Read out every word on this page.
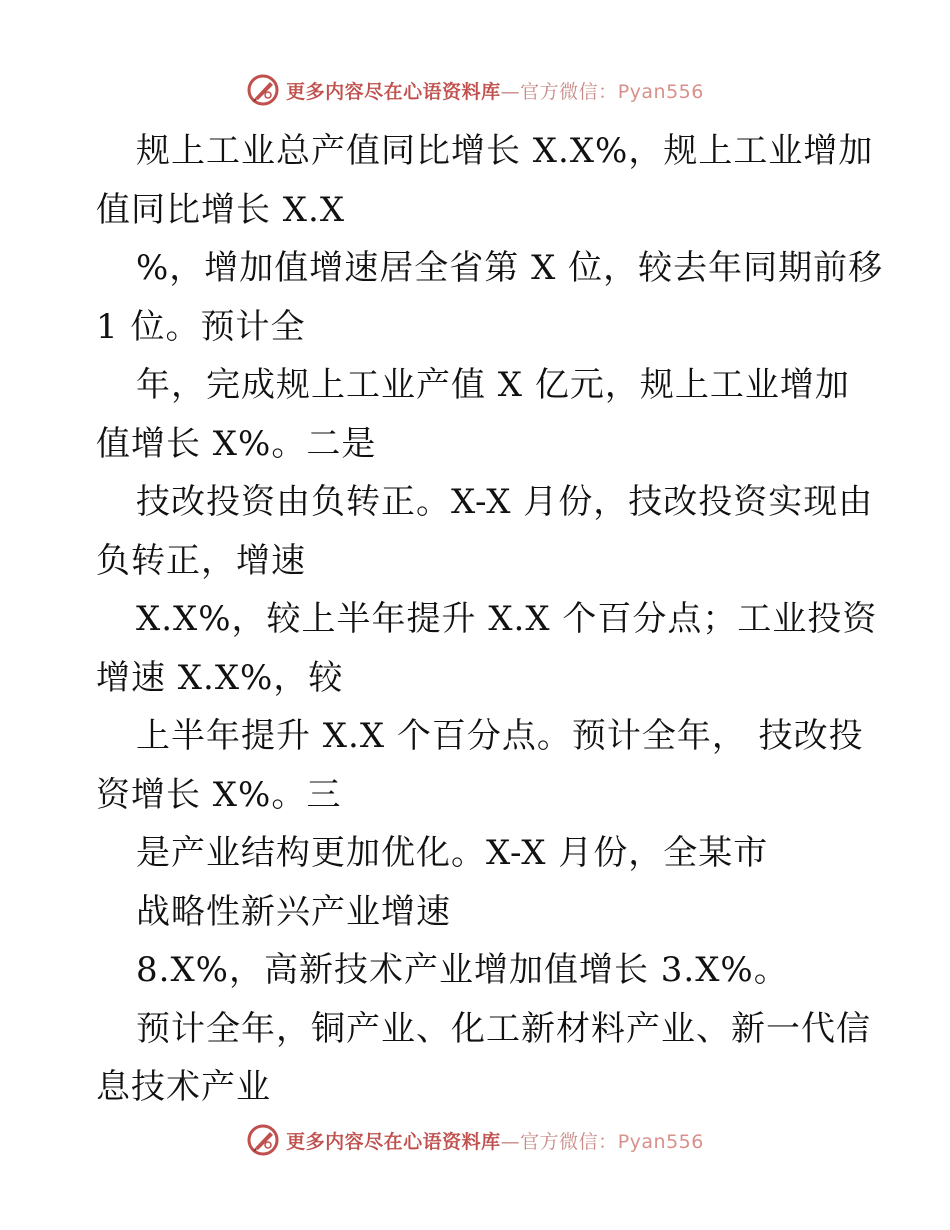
更多内容尽在心语资料库—官方微信：Pyan556
规上工业总产值同比增长 X.X%，规上工业增加
值同比增长 X.X
%，增加值增速居全省第 X 位，较去年同期前移
1 位。预计全
年，完成规上工业产值 X 亿元，规上工业增加
值增长 X%。二是
技改投资由负转正。X-X 月份，技改投资实现由
负转正，增速
X.X%，较上半年提升 X.X 个百分点；工业投资
增速 X.X%，较
上半年提升 X.X 个百分点。预计全年， 技改投
资增长 X%。三
是产业结构更加优化。X-X 月份，全某市
战略性新兴产业增速
8.X%，高新技术产业增加值增长 3.X%。
预计全年，铜产业、化工新材料产业、新一代信
息技术产业
更多内容尽在心语资料库—官方微信：Pyan556
